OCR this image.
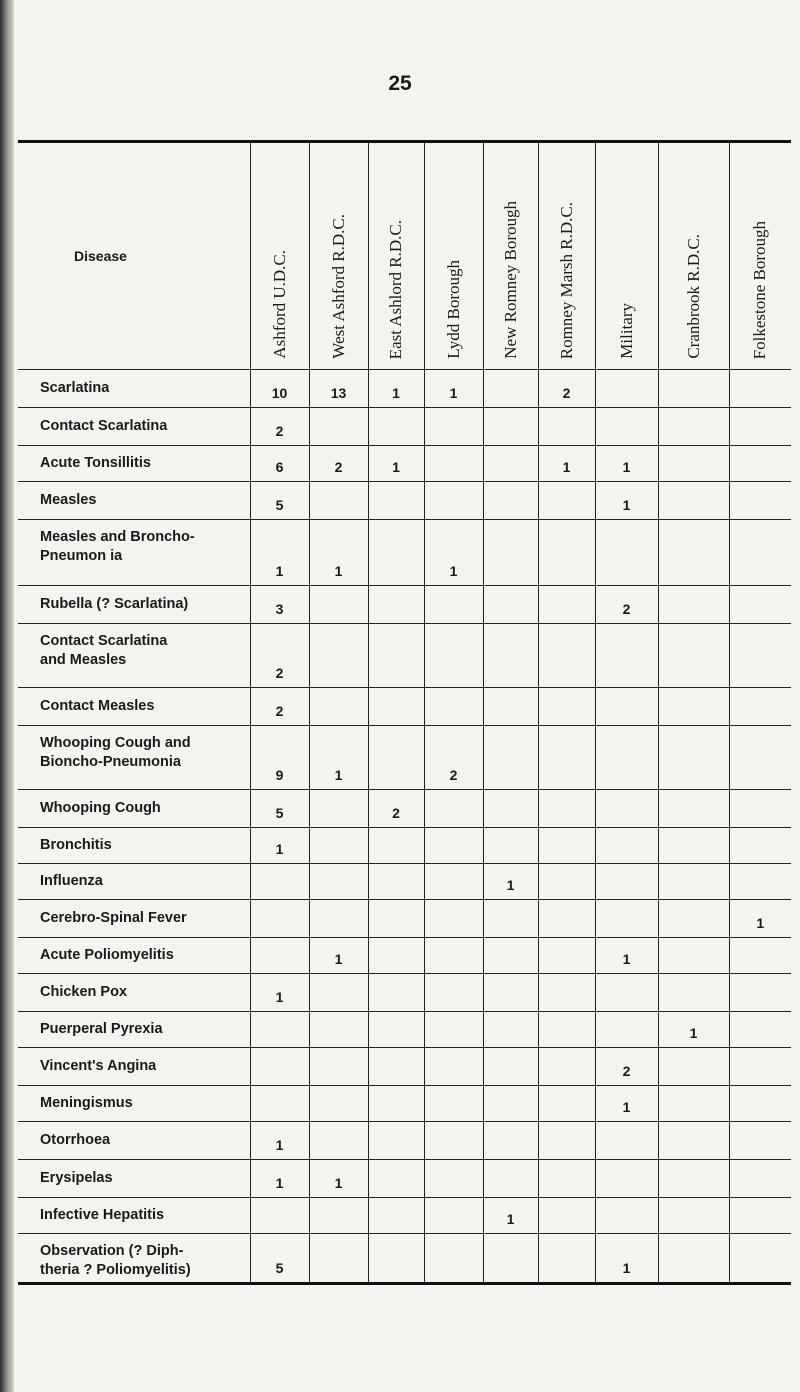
25
Disease	Ashford U.D.C.	West Ashford R.D.C.	East Ashlord R.D.C.	Lydd Borough	New Romney Borough	Romney Marsh R.D.C.	Military	Cranbrook R.D.C.	Folkestone Borough

Scarlatina	10	13	1	1		2			
Contact Scarlatina	2								
Acute Tonsillitis	6	2	1			1	1		
Measles	5						1		
Measles and Broncho-
Pneumon ia	1	1		1					
Rubella (? Scarlatina)	3						2		
Contact Scarlatina
and Measles	2								
Contact Measles	2								
Whooping Cough and
Bioncho-Pneumonia	9	1		2					
Whooping Cough	5		2						
Bronchitis	1								
Influenza					1				
Cerebro-Spinal Fever									1
Acute Poliomyelitis		1					1		
Chicken Pox	1								
Puerperal Pyrexia								1	
Vincent's Angina							2		
Meningismus							1		
Otorrhoea	1								
Erysipelas	1	1							
Infective Hepatitis					1				
Observation (? Diph-
theria ? Poliomyelitis)	5						1		
